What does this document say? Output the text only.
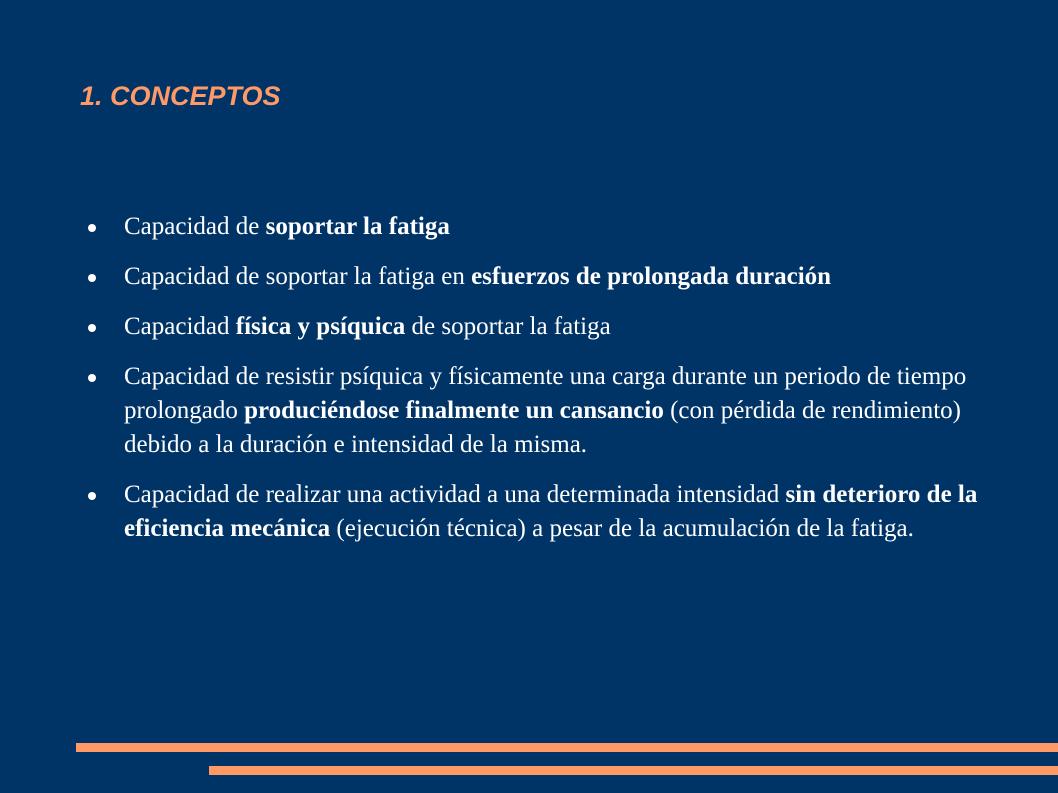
1. CONCEPTOS
Capacidad de soportar la fatiga
Capacidad de soportar la fatiga en esfuerzos de prolongada duración
Capacidad física y psíquica de soportar la fatiga
Capacidad de resistir psíquica y físicamente una carga durante un periodo de tiempo prolongado produciéndose finalmente un cansancio (con pérdida de rendimiento) debido a la duración e intensidad de la misma.
Capacidad de realizar una actividad a una determinada intensidad sin deterioro de la eficiencia mecánica (ejecución técnica) a pesar de la acumulación de la fatiga.
